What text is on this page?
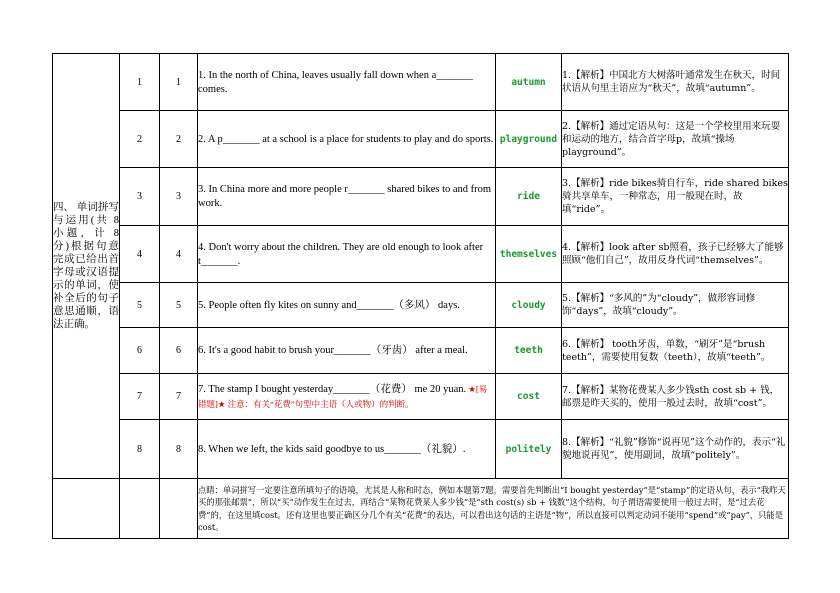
四、 单词拼写与运用(共 8 小题，计 8 分)根据句意完成已给出首字母或汉语提示的单词，使补全后的句子意思通顺，语法正确。	1	1	1. In the north of China, leaves usually fall down when a_______ comes.	autumn	1.【解析】中国北方大树落叶通常发生在秋天，时间状语从句里主语应为“秋天”，故填“autumn”。
	2	2	2. A p_______ at a school is a place for students to play and do sports.	playground	2.【解析】通过定语从句：这是一个学校里用来玩耍和运动的地方，结合首字母p，故填“操场playground”。
	3	3	3. In China more and more people r_______ shared bikes to and from work.	ride	3.【解析】ride bikes骑自行车，ride shared bikes骑共享单车，一种常态，用一般现在时，故填“ride”。
	4	4	4. Don't worry about the children. They are old enough to look after t_______.	themselves	4.【解析】look after sb照看，孩子已经够大了能够照顾“他们自己”，故用反身代词“themselves”。
	5	5	5. People often fly kites on sunny and_______（多风） days.	cloudy	5.【解析】“多风的”为“cloudy”，做形容词修饰“days”，故填“cloudy”。
	6	6	6. It's a good habit to brush your_______（牙齿） after a meal.	teeth	6.【解析】 tooth牙齿，单数，“刷牙”是“brush teeth”，需要使用复数（teeth），故填“teeth”。
	7	7	7. The stamp I bought yesterday_______（花费） me 20 yuan. ★[易错题]★ 注意：有关“花费”句型中主语（人或物）的判断。	cost	7.【解析】某物花费某人多少钱sth cost sb + 钱，邮票是昨天买的，使用一般过去时，故填“cost”。
	8	8	8. When we left, the kids said goodbye to us_______（礼貌）.	politely	8.【解析】“礼貌”修饰“说再见”这个动作的，表示“礼貌地说再见”，使用副词，故填“politely”。
			点睛：单词拼写一定要注意所填句子的语境，尤其是人称和时态，例如本题第7题，需要首先判断出“I bought yesterday”是“stamp”的定语从句，表示“我昨天买的那张邮票”，所以“买”动作发生在过去，再结合“某物花费某人多少钱”是“sth cost(s) sb + 钱数”这个结构，句子谓语需要使用一般过去时，是“过去花费”的，在这里填cost。还有这里也要正确区分几个有关“花费”的表达，可以看出这句话的主语是“物”，所以直接可以判定动词不能用“spend”或“pay”，只能是cost。		
